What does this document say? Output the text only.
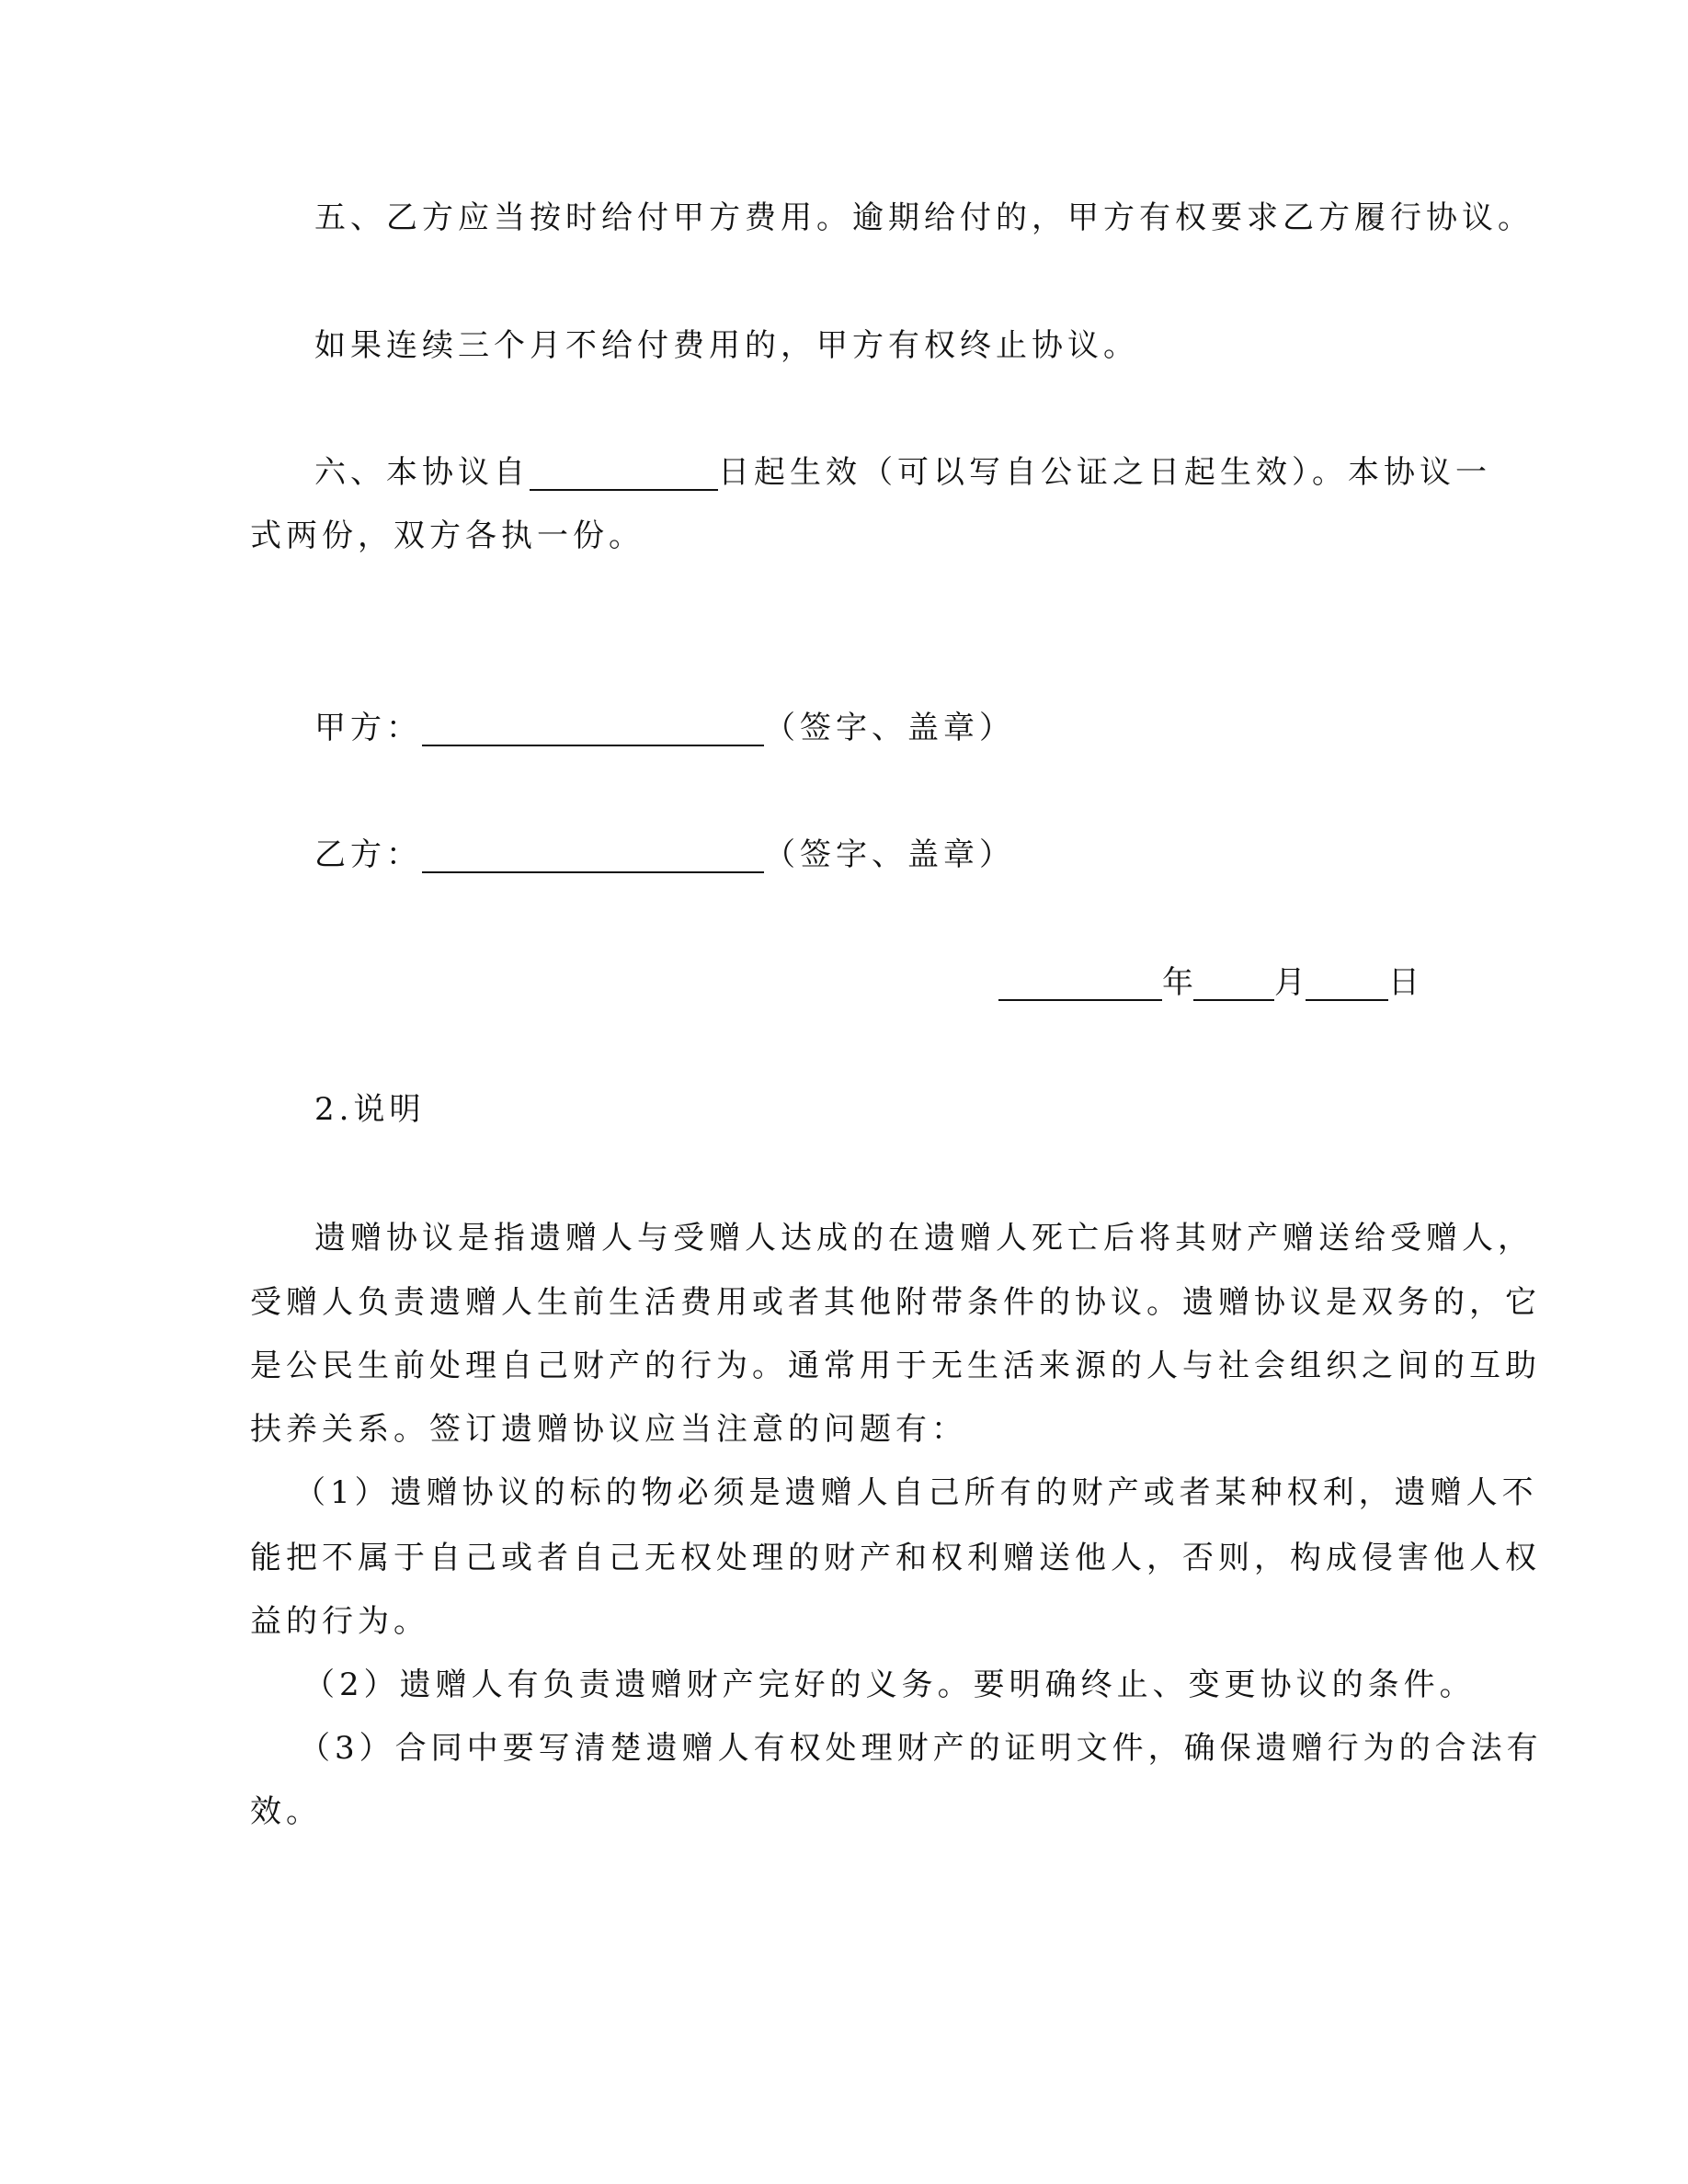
五、乙方应当按时给付甲方费用。逾期给付的，甲方有权要求乙方履行协议。
如果连续三个月不给付费用的，甲方有权终止协议。
六、本协议自	日起生效（可以写自公证之日起生效）。本协议一
式两份，双方各执一份。
甲方：	（签字、盖章）
乙方：	（签字、盖章）
年	月	日
2.说明
遗赠协议是指遗赠人与受赠人达成的在遗赠人死亡后将其财产赠送给受赠人，
受赠人负责遗赠人生前生活费用或者其他附带条件的协议。遗赠协议是双务的，它
是公民生前处理自己财产的行为。通常用于无生活来源的人与社会组织之间的互助
扶养关系。签订遗赠协议应当注意的问题有：
（1）遗赠协议的标的物必须是遗赠人自己所有的财产或者某种权利，遗赠人不
能把不属于自己或者自己无权处理的财产和权利赠送他人，否则，构成侵害他人权
益的行为。
（2）遗赠人有负责遗赠财产完好的义务。要明确终止、变更协议的条件。
（3）合同中要写清楚遗赠人有权处理财产的证明文件，确保遗赠行为的合法有
效。
